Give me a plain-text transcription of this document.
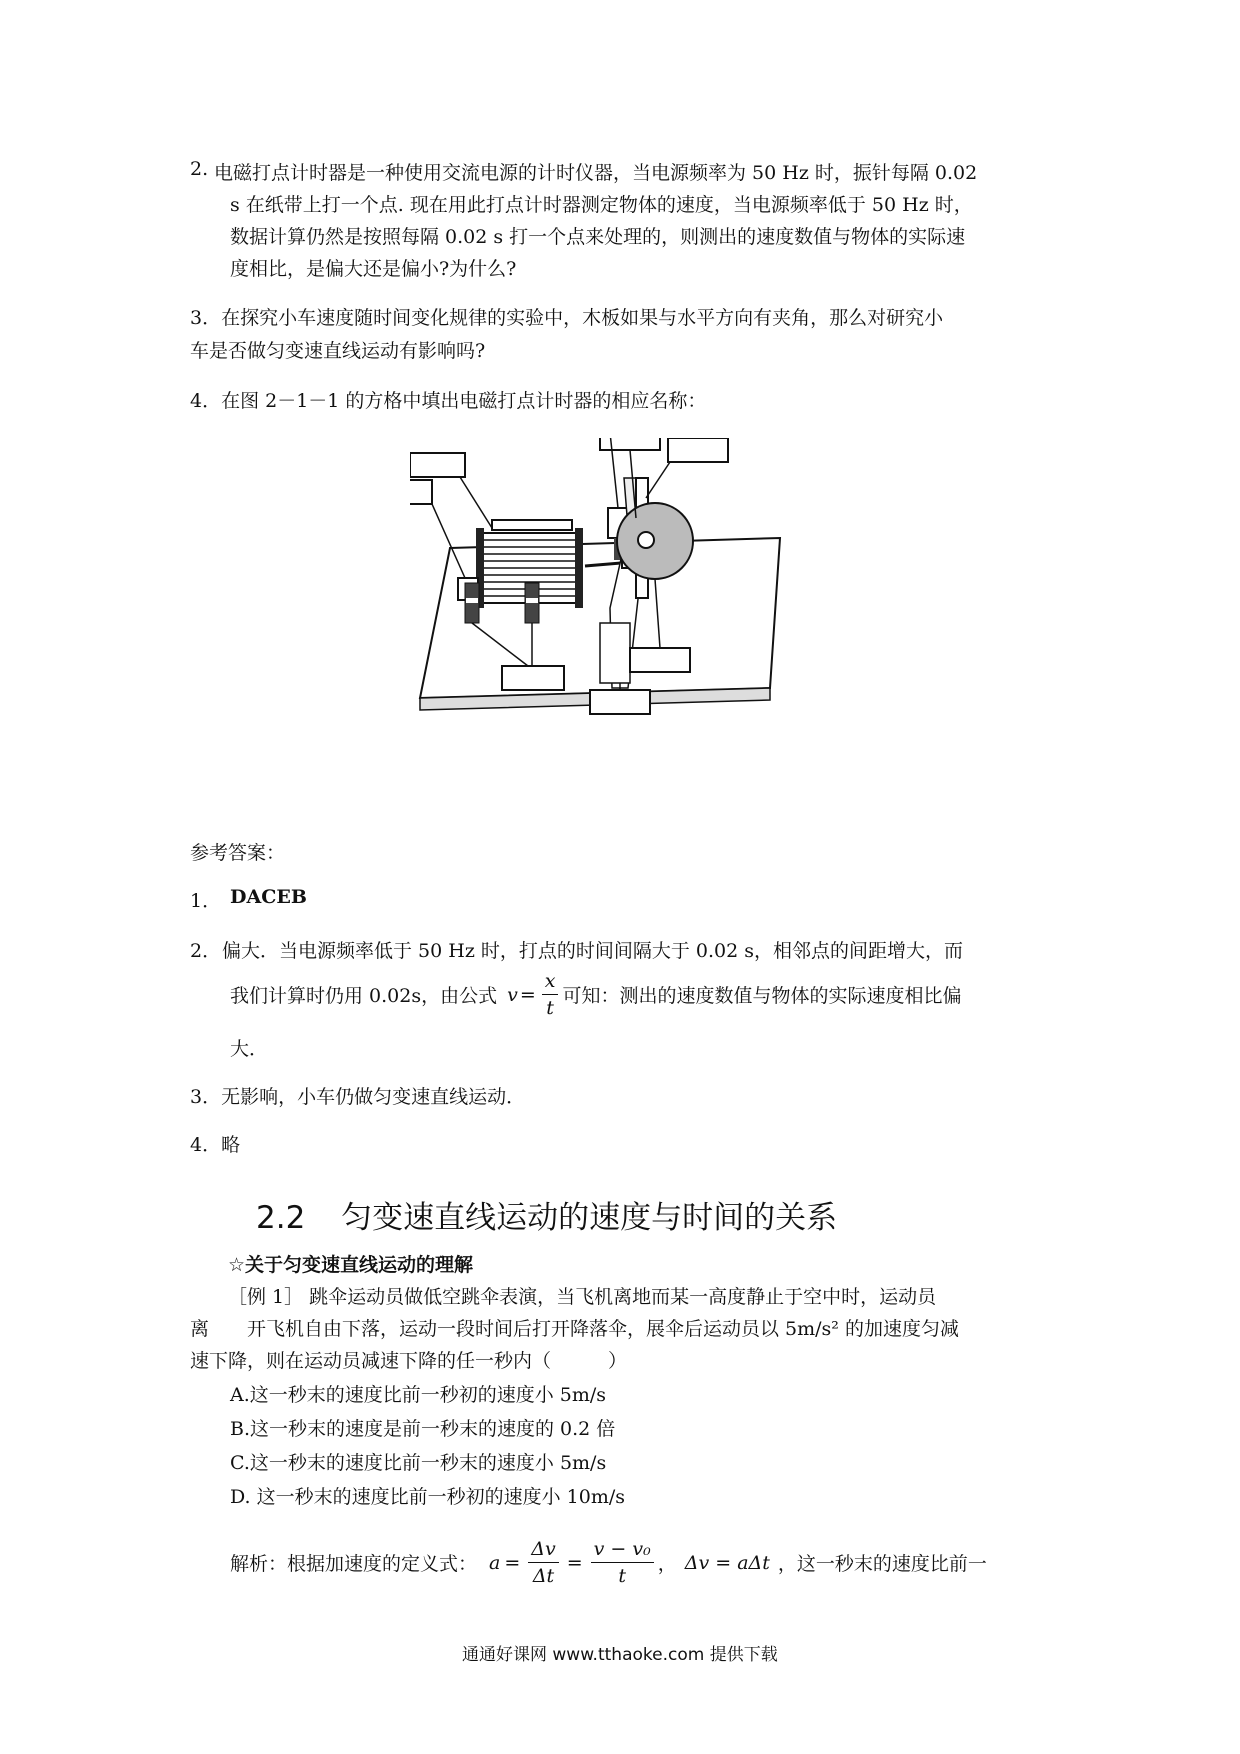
2. 电磁打点计时器是一种使用交流电源的计时仪器，当电源频率为 50 Hz 时，振针每隔 0.02
s 在纸带上打一个点. 现在用此打点计时器测定物体的速度，当电源频率低于 50 Hz 时，
数据计算仍然是按照每隔 0.02 s 打一个点来处理的，则测出的速度数值与物体的实际速
度相比，是偏大还是偏小?为什么?
3．在探究小车速度随时间变化规律的实验中，木板如果与水平方向有夹角，那么对研究小
车是否做匀变速直线运动有影响吗?
4．在图 2－1－1 的方格中填出电磁打点计时器的相应名称：
参考答案：
1． DACEB
2． 偏大．当电源频率低于 50 Hz 时，打点的时间间隔大于 0.02 s，相邻点的间距增大，而
我们计算时仍用 0.02s，由公式 $v = \frac{x}{t}$ 可知：测出的速度数值与物体的实际速度相比偏
大．
3．无影响，小车仍做匀变速直线运动．
4．略
2.2 匀变速直线运动的速度与时间的关系
☆关于匀变速直线运动的理解
［例 1］ 跳伞运动员做低空跳伞表演，当飞机离地而某一高度静止于空中时，运动员
离　　开飞机自由下落，运动一段时间后打开降落伞，展伞后运动员以 5m/s² 的加速度匀减
速下降，则在运动员减速下降的任一秒内（　　　）
A.这一秒末的速度比前一秒初的速度小 5m/s
B.这一秒末的速度是前一秒末的速度的 0.2 倍
C.这一秒末的速度比前一秒末的速度小 5m/s
D. 这一秒末的速度比前一秒初的速度小 10m/s
解析：根据加速度的定义式： $a = \frac{\Delta v}{\Delta t} = \frac{\text{v − v₀}}{t}$ ， Δv = aΔt ，这一秒末的速度比前一
通通好课网 www.tthaoke.com 提供下载
